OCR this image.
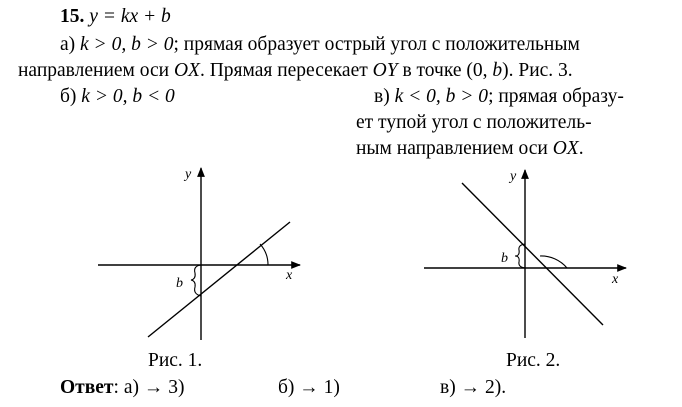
15. y = kx + b
а) k > 0, b > 0; прямая образует острый угол с положительным
направлением оси OX. Прямая пересекает OY в точке (0, b). Рис. 3.
б) k > 0, b < 0	в) k < 0, b > 0; прямая образу-
ет тупой угол с положитель-
ным направлением оси OX.
y
x
b
y
x
b
Рис. 1.	Рис. 2.
Ответ: а) → 3)	б) → 1)	в) → 2).
